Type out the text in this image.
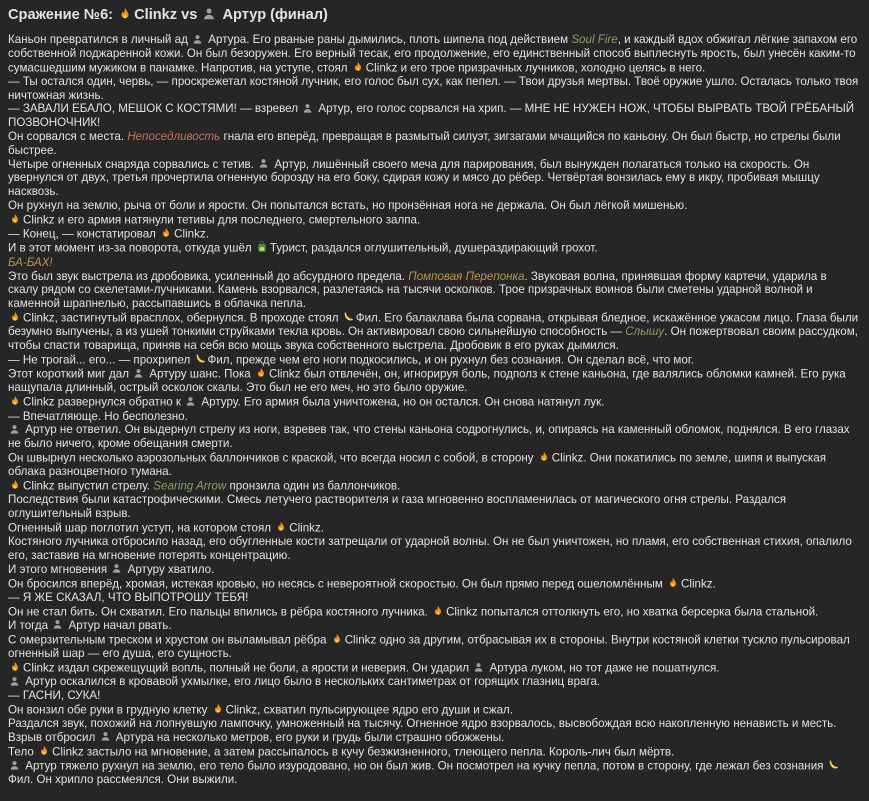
Сражение №6: Clinkz vs  Артур (финал)

Каньон превратился в личный ад  Артура. Его рваные раны дымились, плоть шипела под действием Soul Fire, и каждый вдох обжигал лёгкие запахом его собственной поджаренной кожи. Он был безоружен. Его верный тесак, его продолжение, его единственный способ выплеснуть ярость, был унесён каким-то сумасшедшим мужиком в панамке. Напротив, на уступе, стоял Clinkz и его трое призрачных лучников, холодно целясь в него.

— Ты остался один, червь, — проскрежетал костяной лучник, его голос был сух, как пепел. — Твои друзья мертвы. Твоё оружие ушло. Осталась только твоя ничтожная жизнь.

— ЗАВАЛИ ЕБАЛО, МЕШОК С КОСТЯМИ! — взревел  Артур, его голос сорвался на хрип. — МНЕ НЕ НУЖЕН НОЖ, ЧТОБЫ ВЫРВАТЬ ТВОЙ ГРЁБАНЫЙ ПОЗВОНОЧНИК!

Он сорвался с места. Непоседливость гнала его вперёд, превращая в размытый силуэт, зигзагами мчащийся по каньону. Он был быстр, но стрелы были быстрее.

Четыре огненных снаряда сорвались с тетив.  Артур, лишённый своего меча для парирования, был вынужден полагаться только на скорость. Он увернулся от двух, третья прочертила огненную борозду на его боку, сдирая кожу и мясо до рёбер. Четвёртая вонзилась ему в икру, пробивая мышцу насквозь.

Он рухнул на землю, рыча от боли и ярости. Он попытался встать, но пронзённая нога не держала. Он был лёгкой мишенью.

Clinkz и его армия натянули тетивы для последнего, смертельного залпа.

— Конец, — констатировал Clinkz.

И в этот момент из-за поворота, откуда ушёл Турист, раздался оглушительный, душераздирающий грохот.

БА-БАХ!

Это был звук выстрела из дробовика, усиленный до абсурдного предела. Помповая Перепонка. Звуковая волна, принявшая форму картечи, ударила в скалу рядом со скелетами-лучниками. Камень взорвался, разлетаясь на тысячи осколков. Трое призрачных воинов были сметены ударной волной и каменной шрапнелью, рассыпавшись в облачка пепла.

Clinkz, застигнутый врасплох, обернулся. В проходе стоял Фил. Его балаклава была сорвана, открывая бледное, искажённое ужасом лицо. Глаза были безумно выпучены, а из ушей тонкими струйками текла кровь. Он активировал свою сильнейшую способность — Слышу. Он пожертвовал своим рассудком, чтобы спасти товарища, приняв на себя всю мощь звука собственного выстрела. Дробовик в его руках дымился.

— Не трогай... его... — прохрипел Фил, прежде чем его ноги подкосились, и он рухнул без сознания. Он сделал всё, что мог.

Этот короткий миг дал  Артуру шанс. Пока Clinkz был отвлечён, он, игнорируя боль, подполз к стене каньона, где валялись обломки камней. Его рука нащупала длинный, острый осколок скалы. Это был не его меч, но это было оружие.

Clinkz развернулся обратно к  Артуру. Его армия была уничтожена, но он остался. Он снова натянул лук.

— Впечатляюще. Но бесполезно.

Артур не ответил. Он выдернул стрелу из ноги, взревев так, что стены каньона содрогнулись, и, опираясь на каменный обломок, поднялся. В его глазах не было ничего, кроме обещания смерти.

Он швырнул несколько аэрозольных баллончиков с краской, что всегда носил с собой, в сторону Clinkz. Они покатились по земле, шипя и выпуская облака разноцветного тумана.

Clinkz выпустил стрелу. Searing Arrow пронзила один из баллончиков.

Последствия были катастрофическими. Смесь летучего растворителя и газа мгновенно воспламенилась от магического огня стрелы. Раздался оглушительный взрыв.

Огненный шар поглотил уступ, на котором стоял Clinkz.

Костяного лучника отбросило назад, его обугленные кости затрещали от ударной волны. Он не был уничтожен, но пламя, его собственная стихия, опалило его, заставив на мгновение потерять концентрацию.

И этого мгновения  Артуру хватило.

Он бросился вперёд, хромая, истекая кровью, но несясь с невероятной скоростью. Он был прямо перед ошеломлённым Clinkz.

— Я ЖЕ СКАЗАЛ, ЧТО ВЫПОТРОШУ ТЕБЯ!

Он не стал бить. Он схватил. Его пальцы впились в рёбра костяного лучника. Clinkz попытался оттолкнуть его, но хватка берсерка была стальной.

И тогда  Артур начал рвать.

С омерзительным треском и хрустом он выламывал рёбра Clinkz одно за другим, отбрасывая их в стороны. Внутри костяной клетки тускло пульсировал огненный шар — его душа, его сущность.

Clinkz издал скрежещущий вопль, полный не боли, а ярости и неверия. Он ударил  Артура луком, но тот даже не пошатнулся.

Артур оскалился в кровавой ухмылке, его лицо было в нескольких сантиметрах от горящих глазниц врага.

— ГАСНИ, СУКА!

Он вонзил обе руки в грудную клетку Clinkz, схватил пульсирующее ядро его души и сжал.

Раздался звук, похожий на лопнувшую лампочку, умноженный на тысячу. Огненное ядро взорвалось, высвобождая всю накопленную ненависть и месть. Взрыв отбросил  Артура на несколько метров, его руки и грудь были страшно обожжены.

Тело Clinkz застыло на мгновение, а затем рассыпалось в кучу безжизненного, тлеющего пепла. Король-лич был мёртв.

Артур тяжело рухнул на землю, его тело было изуродовано, но он был жив. Он посмотрел на кучку пепла, потом в сторону, где лежал без сознания Фил. Он хрипло рассмеялся. Они выжили.
